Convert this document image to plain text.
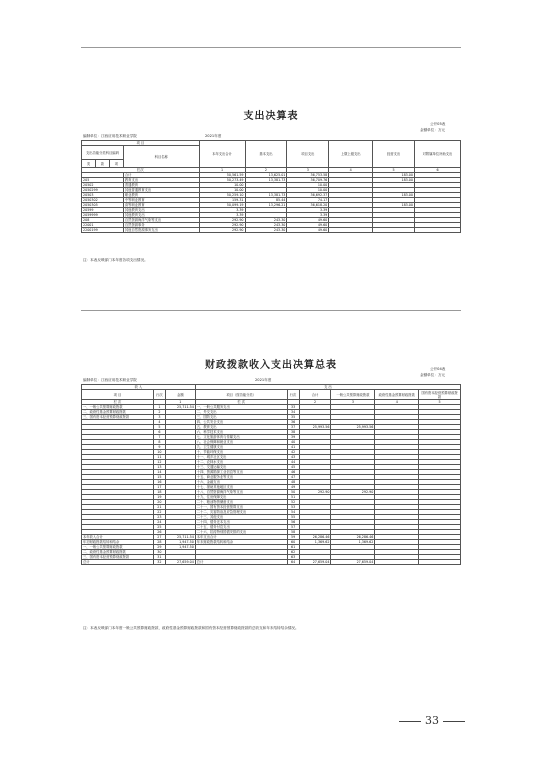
支出决算表
公开05表
金额单位：万元
编制单位：江西应用技术职业学院	2021年度
项 目				本年支出合计	基本支出	项目支出	上缴上级支出	经营支出	对附属单位补助支出
支出功能分类科目编码			科目名称						
类	款	项							
栏次				1	2	3	4	5	6
			合计	50,561.59	13,625.01	36,753.58		183.00	
205			教育支出	50,273.49	13,381.73	36,709.76		183.00	
20502			普通教育	10.00		10.00			
2050299			其他普通教育支出	10.00		10.00			
20503			职业教育	50,259.10	13,381.73	36,692.37		183.00	
2050302			中等职业教育	159.31	85.44	74.17			
2050305			高等职业教育	50,099.19	13,296.21	36,618.20		183.00	
20599			其他教育支出	3.39		3.39			
2059999			其他教育支出	3.39		3.39			
208			自然资源海洋气象等支出	292.90	243.30	49.60			
22001			自然资源事务	292.90	243.30	49.60			
2200199			其他自然资源事务支出	292.90	243.30	49.60			
注：本表反映部门本年度各项支出情况。
财政拨款收入支出决算总表	公开04表
金额单位：万元
编制单位：江西应用技术职业学院	2021年度
收 入			支 出					
项 目	行次	金额	项目（按功能分类）	行次	合计	一般公共预算财政拨款	政府性基金预算财政拨款	国有资本经营预算财政拨款
栏 次		1	栏 次		2	3	4	5
一、一般公共预算财政拨款	1	25,711.54	一、一般公共服务支出	33				
二、政府性基金预算财政拨款	2		二、外交支出	34				
三、国有资本经营预算财政拨款	3		三、国防支出	35				
	4		四、公共安全支出	36				
	5		五、教育支出	37	25,993.56	25,993.56		
	6		六、科学技术支出	38				
	7		七、文化旅游体育与传媒支出	39				
	8		八、社会保障和就业支出	40				
	9		九、卫生健康支出	41				
	10		十、节能环保支出	42				
	11		十一、城乡社区支出	43				
	12		十二、农林水支出	44				
	13		十三、交通运输支出	45				
	14		十四、资源勘探工业信息等支出	46				
	15		十五、商业服务业等支出	47				
	16		十六、金融支出	48				
	17		十七、援助其他地区支出	49				
	18		十八、自然资源海洋气象等支出	50	292.90	292.90		
	19		十九、住房保障支出	51				
	20		二十、粮油物资储备支出	52				
	21		二十一、国有资本经营预算支出	53				
	22		二十二、灾害防治及应急管理支出	54				
	23		二十三、其他支出	55				
	24		二十四、债务还本支出	56				
	25		二十五、债务付息支出	57				
	26		二十六、抗疫特别国债安排的支出	58				
本年收入合计	27	25,711.54	本年支出合计	59	26,286.46	26,286.46		
年初财政拨款结转和结余	28	1,947.50	年末财政拨款结转和结余	60	1,369.62	1,369.62		
一、一般公共预算财政拨款	29	1,947.50		61				
二、政府性基金预算财政拨款	30			62				
三、国有资本经营预算财政拨款	31			63				
总计	32	27,659.04	总计	64	27,659.04	27,659.04		
注：本表反映部门本年度一般公共预算财政拨款、政府性基金预算财政拨款和国有资本经营预算财政拨款的总收支和年末结转结余情况。
33
